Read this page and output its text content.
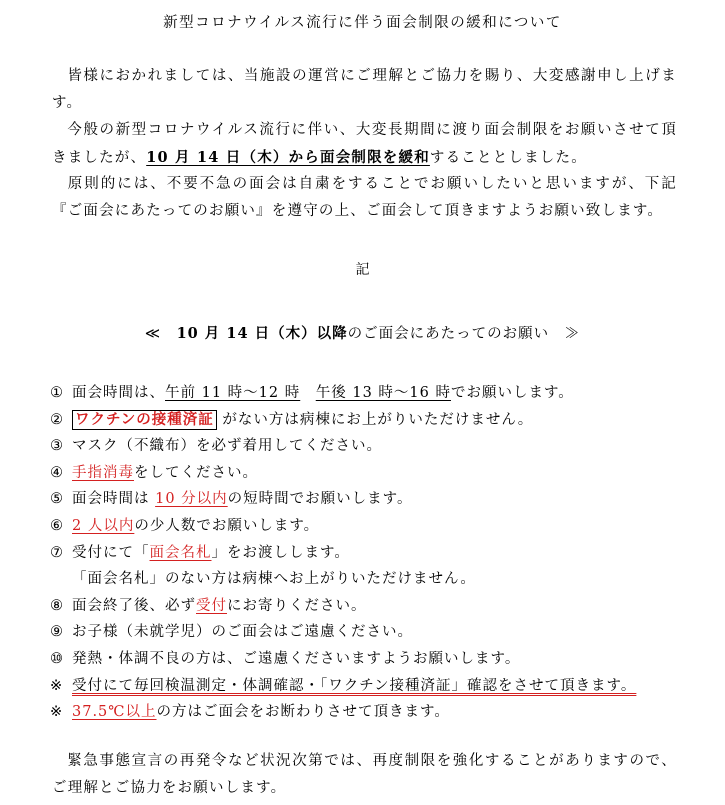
新型コロナウイルス流行に伴う面会制限の緩和について
皆様におかれましては、当施設の運営にご理解とご協力を賜り、大変感謝申し上げます。
今般の新型コロナウイルス流行に伴い、大変長期間に渡り面会制限をお願いさせて頂きましたが、10 月 14 日（木）から面会制限を緩和することとしました。
原則的には、不要不急の面会は自粛をすることでお願いしたいと思いますが、下記『ご面会にあたってのお願い』を遵守の上、ご面会して頂きますようお願い致します。
記
≪　10 月 14 日（木）以降のご面会にあたってのお願い　≫
① 面会時間は、午前 11 時～12 時　 午後 13 時～16 時でお願いします。
② ワクチンの接種済証 がない方は病棟にお上がりいただけません。
③ マスク（不織布）を必ず着用してください。
④ 手指消毒をしてください。
⑤ 面会時間は 10 分以内の短時間でお願いします。
⑥ 2 人以内の少人数でお願いします。
⑦ 受付にて「面会名札」をお渡しします。
「面会名札」のない方は病棟へお上がりいただけません。
⑧ 面会終了後、必ず受付にお寄りください。
⑨ お子様（未就学児）のご面会はご遠慮ください。
⑩ 発熱・体調不良の方は、ご遠慮くださいますようお願いします。
※ 受付にて毎回検温測定・体調確認・「ワクチン接種済証」確認をさせて頂きます。
※ 37.5℃以上の方はご面会をお断わりさせて頂きます。
緊急事態宣言の再発令など状況次第では、再度制限を強化することがありますので、ご理解とご協力をお願いします。
